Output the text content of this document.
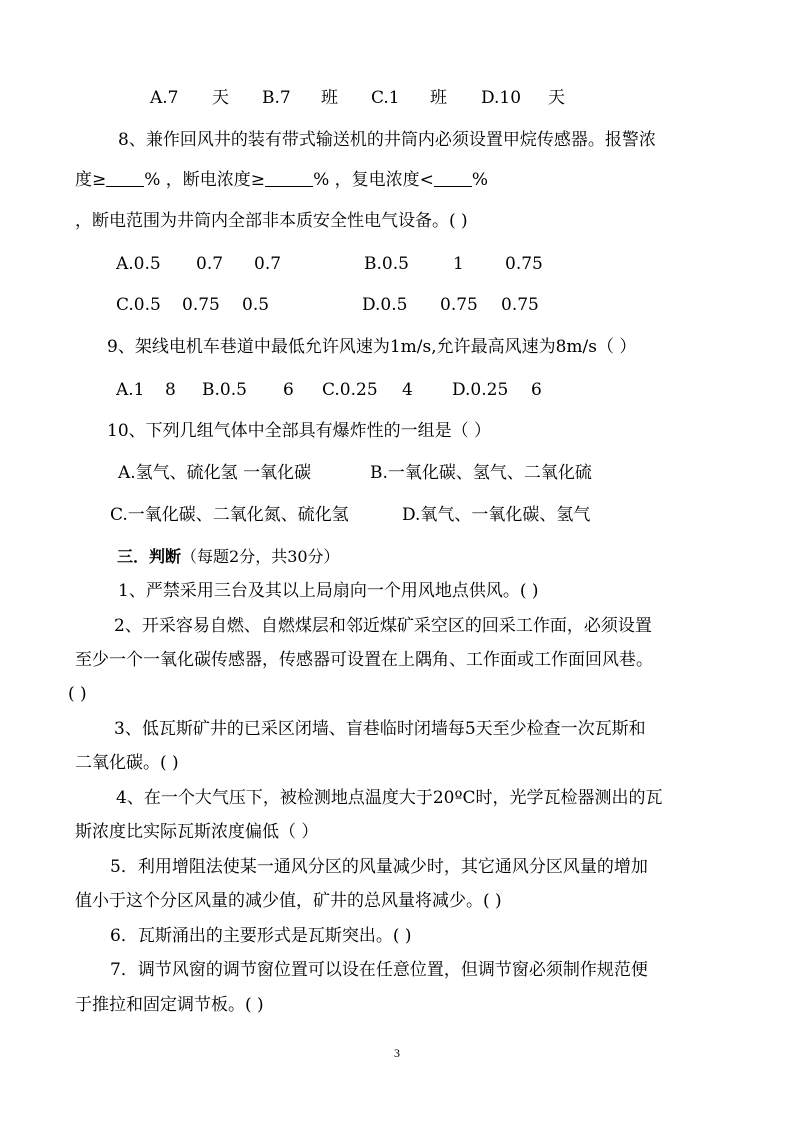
A.7 天 B.7 班 C.1 班 D.10 天
8、兼作回风井的装有带式输送机的井筒内必须设置甲烷传感器。报警浓
度≥ % ，断电浓度≥	% ，复电浓度< %
，断电范围为井筒内全部非本质安全性电气设备。( )
A.0.5 0.7 0.7	B.0.5	1 0.75
C.0.5 0.75 0.5	D.0.5 0.75 0.75
9、架线电机车巷道中最低允许风速为1m/s,允许最高风速为8m/s（ ）
A.1 8 B.0.5 6 C.0.25 4 D.0.25 6
10、下列几组气体中全部具有爆炸性的一组是（ ）
A.氢气、硫化氢 一氧化碳	B.一氧化碳、氢气、二氧化硫
C.一氧化碳、二氧化氮、硫化氢	D.氧气、一氧化碳、氢气
三．判断（每题2分，共30分）
1、严禁采用三台及其以上局扇向一个用风地点供风。( )
2、开采容易自燃、自燃煤层和邻近煤矿采空区的回采工作面，必须设置
至少一个一氧化碳传感器，传感器可设置在上隅角、工作面或工作面回风巷。
( )
3、低瓦斯矿井的已采区闭墙、盲巷临时闭墙每5天至少检查一次瓦斯和
二氧化碳。( )
4、在一个大气压下，被检测地点温度大于20ºC时，光学瓦检器测出的瓦
斯浓度比实际瓦斯浓度偏低（ ）
5．利用增阻法使某一通风分区的风量减少时，其它通风分区风量的增加
值小于这个分区风量的减少值，矿井的总风量将减少。( )
6．瓦斯涌出的主要形式是瓦斯突出。( )
7．调节风窗的调节窗位置可以设在任意位置，但调节窗必须制作规范便
于推拉和固定调节板。( )
3
